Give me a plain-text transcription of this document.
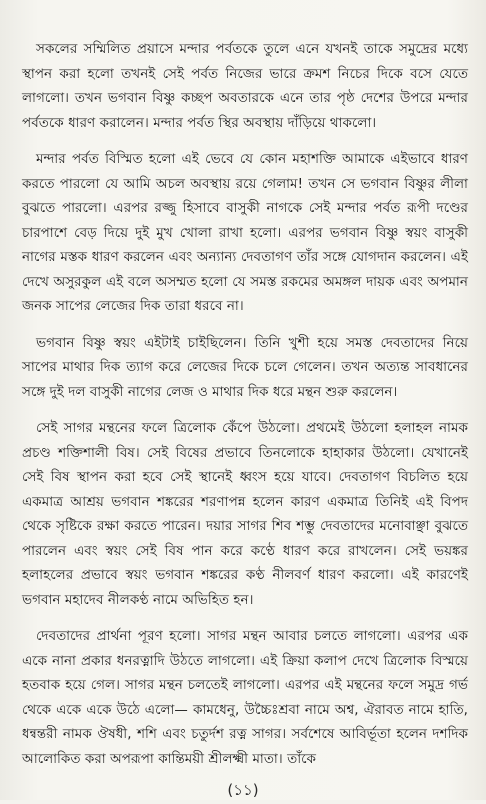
সকলের সম্মিলিত প্রয়াসে মন্দার পর্বতকে তুলে এনে যখনই তাকে সমুদ্রের মধ্যে স্থাপন করা হলো তখনই সেই পর্বত নিজের ভারে ক্রমশ নিচের দিকে বসে যেতে লাগলো। তখন ভগবান বিষ্ণু কচ্ছপ অবতারকে এনে তার পৃষ্ঠ দেশের উপরে মন্দার পর্বতকে ধারণ করালেন। মন্দার পর্বত স্থির অবস্থায় দাঁড়িয়ে থাকলো।

মন্দার পর্বত বিস্মিত হলো এই ভেবে যে কোন মহাশক্তি আমাকে এইভাবে ধারণ করতে পারলো যে আমি অচল অবস্থায় রয়ে গেলাম! তখন সে ভগবান বিষ্ণুর লীলা বুঝতে পারলো। এরপর রজ্জু হিসাবে বাসুকী নাগকে সেই মন্দার পর্বত রূপী দণ্ডের চারপাশে বেড় দিয়ে দুই মুখ খোলা রাখা হলো। এরপর ভগবান বিষ্ণু স্বয়ং বাসুকী নাগের মস্তক ধারণ করলেন এবং অন্যান্য দেবতাগণ তাঁর সঙ্গে যোগদান করলেন। এই দেখে অসুরকুল এই বলে অসম্মত হলো যে সমস্ত রকমের অমঙ্গল দায়ক এবং অপমান জনক সাপের লেজের দিক তারা ধরবে না।

ভগবান বিষ্ণু স্বয়ং এইটাই চাইছিলেন। তিনি খুশী হয়ে সমস্ত দেবতাদের নিয়ে সাপের মাথার দিক ত্যাগ করে লেজের দিকে চলে গেলেন। তখন অত্যন্ত সাবধানের সঙ্গে দুই দল বাসুকী নাগের লেজ ও মাথার দিক ধরে মন্থন শুরু করলেন।

সেই সাগর মন্থনের ফলে ত্রিলোক কেঁপে উঠলো। প্রথমেই উঠলো হলাহল নামক প্রচণ্ড শক্তিশালী বিষ। সেই বিষের প্রভাবে তিনলোকে হাহাকার উঠলো। যেখানেই সেই বিষ স্থাপন করা হবে সেই স্থানেই ধ্বংস হয়ে যাবে। দেবতাগণ বিচলিত হয়ে একমাত্র আশ্রয় ভগবান শঙ্করের শরণাপন্ন হলেন কারণ একমাত্র তিনিই এই বিপদ থেকে সৃষ্টিকে রক্ষা করতে পারেন। দয়ার সাগর শিব শম্ভু দেবতাদের মনোবাঞ্ছা বুঝতে পারলেন এবং স্বয়ং সেই বিষ পান করে কণ্ঠে ধারণ করে রাখলেন। সেই ভয়ঙ্কর হলাহলের প্রভাবে স্বয়ং ভগবান শঙ্করের কণ্ঠ নীলবর্ণ ধারণ করলো। এই কারণেই ভগবান মহাদেব নীলকণ্ঠ নামে অভিহিত হন।

দেবতাদের প্রার্থনা পূরণ হলো। সাগর মন্থন আবার চলতে লাগলো। এরপর এক একে নানা প্রকার ধনরত্নাদি উঠতে লাগলো। এই ক্রিয়া কলাপ দেখে ত্রিলোক বিস্ময়ে হতবাক হয়ে গেল। সাগর মন্থন চলতেই লাগলো। এরপর এই মন্থনের ফলে সমুদ্র গর্ভ থেকে একে একে উঠে এলো— কামধেনু, উচ্চৈঃশ্রবা নামে অশ্ব, ঐরাবত নামে হাতি, ধন্বন্তরী নামক ঔষধী, শশি এবং চতুর্দশ রত্ন সাগর। সর্বশেষে আবির্ভূতা হলেন দশদিক আলোকিত করা অপরূপা কান্তিময়ী শ্রীলক্ষ্মী মাতা। তাঁকে

(১১)
